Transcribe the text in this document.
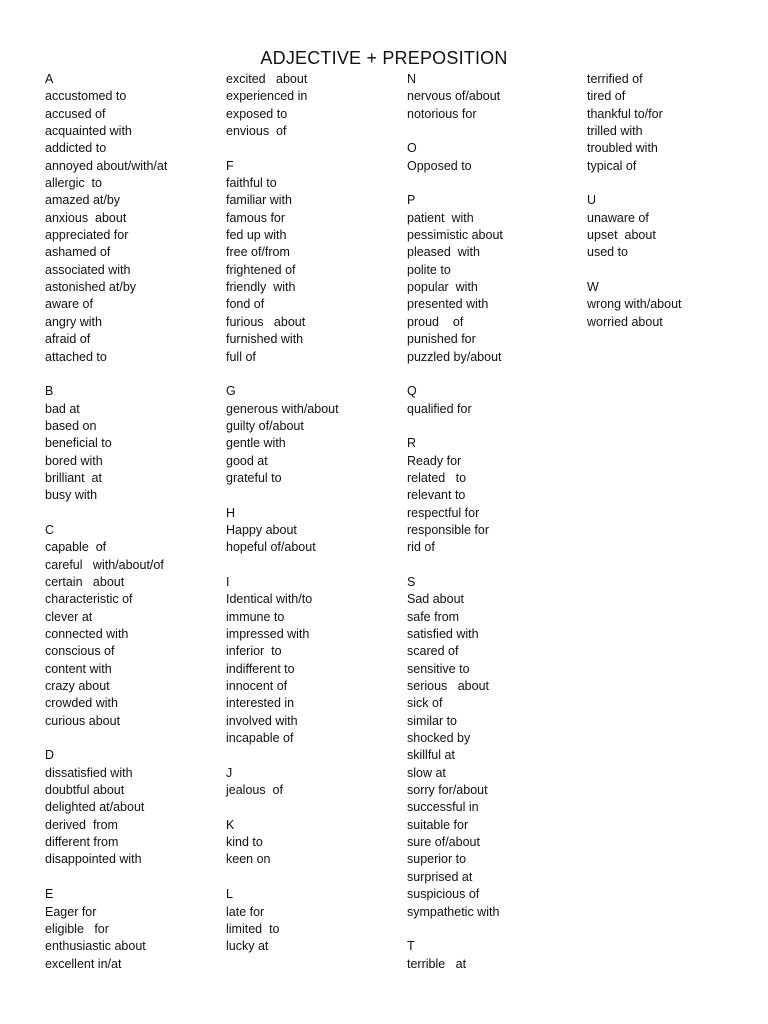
ADJECTIVE + PREPOSITION
A
accustomed to
accused of
acquainted with
addicted to
annoyed about/with/at
allergic  to
amazed at/by
anxious  about
appreciated for
ashamed of
associated with
astonished at/by
aware of
angry with
afraid of
attached to
B
bad at
based on
beneficial to
bored with
brilliant  at
busy with
C
capable  of
careful   with/about/of
certain   about
characteristic of
clever at
connected with
conscious of
content with
crazy about
crowded with
curious about
D
dissatisfied with
doubtful about
delighted at/about
derived  from
different from
disappointed with
E
Eager for
eligible   for
enthusiastic about
excellent in/at
excited   about
experienced in
exposed to
envious  of
F
faithful to
familiar with
famous for
fed up with
free of/from
frightened of
friendly  with
fond of
furious   about
furnished with
full of
G
generous with/about
guilty of/about
gentle with
good at
grateful to
H
Happy about
hopeful of/about
I
Identical with/to
immune to
impressed with
inferior  to
indifferent to
innocent of
interested in
involved with
incapable of
J
jealous  of
K
kind to
keen on
L
late for
limited  to
lucky at
N
nervous of/about
notorious for
O
Opposed to
P
patient  with
pessimistic about
pleased  with
polite to
popular  with
presented with
proud    of
punished for
puzzled by/about
Q
qualified for
R
Ready for
related   to
relevant to
respectful for
responsible for
rid of
S
Sad about
safe from
satisfied with
scared of
sensitive to
serious   about
sick of
similar to
shocked by
skillful at
slow at
sorry for/about
successful in
suitable for
sure of/about
superior to
surprised at
suspicious of
sympathetic with
T
terrible   at
terrified of
tired of
thankful to/for
trilled with
troubled with
typical of
U
unaware of
upset  about
used to
W
wrong with/about
worried about
